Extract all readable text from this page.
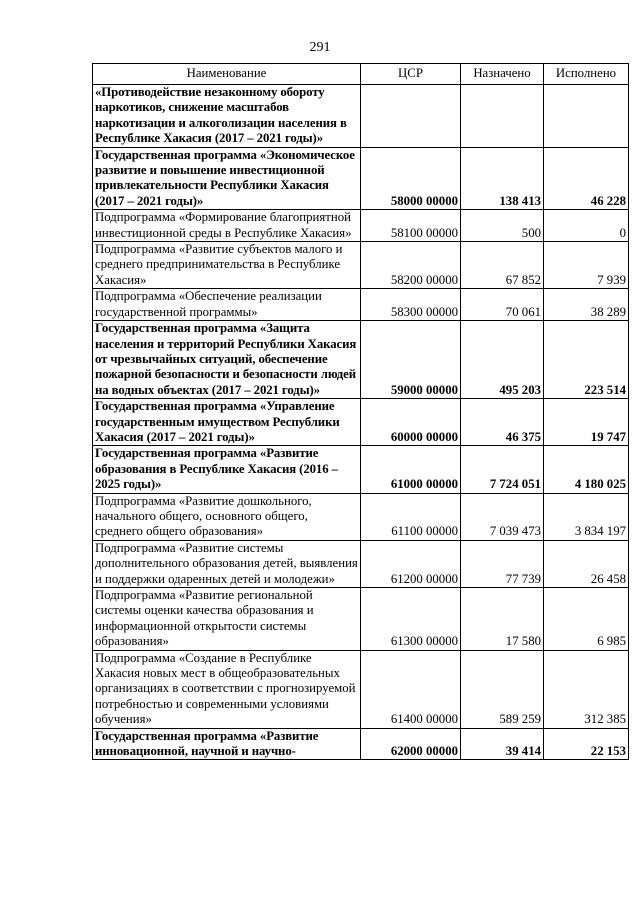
291
Наименование	ЦСР	Назначено	Исполнено
«Противодействие незаконному обороту наркотиков, снижение масштабов наркотизации и алкоголизации населения в Республике Хакасия (2017 – 2021 годы)»			
Государственная программа «Экономическое развитие и повышение инвестиционной привлекательности Республики Хакасия (2017 – 2021 годы)»	58000 00000	138 413	46 228
Подпрограмма «Формирование благоприятной инвестиционной среды в Республике Хакасия»	58100 00000	500	0
Подпрограмма «Развитие субъектов малого и среднего предпринимательства в Республике Хакасия»	58200 00000	67 852	7 939
Подпрограмма «Обеспечение реализации государственной программы»	58300 00000	70 061	38 289
Государственная программа «Защита населения и территорий Республики Хакасия от чрезвычайных ситуаций, обеспечение пожарной безопасности и безопасности людей на водных объектах (2017 – 2021 годы)»	59000 00000	495 203	223 514
Государственная программа «Управление государственным имуществом Республики Хакасия (2017 – 2021 годы)»	60000 00000	46 375	19 747
Государственная программа «Развитие образования в Республике Хакасия (2016 – 2025 годы)»	61000 00000	7 724 051	4 180 025
Подпрограмма «Развитие дошкольного, начального общего, основного общего, среднего общего образования»	61100 00000	7 039 473	3 834 197
Подпрограмма «Развитие системы дополнительного образования детей, выявления и поддержки одаренных детей и молодежи»	61200 00000	77 739	26 458
Подпрограмма «Развитие региональной системы оценки качества образования и информационной открытости системы образования»	61300 00000	17 580	6 985
Подпрограмма «Создание в Республике Хакасия новых мест в общеобразовательных организациях в соответствии с прогнозируемой потребностью и современными условиями обучения»	61400 00000	589 259	312 385
Государственная программа «Развитие инновационной, научной и научно-	62000 00000	39 414	22 153
